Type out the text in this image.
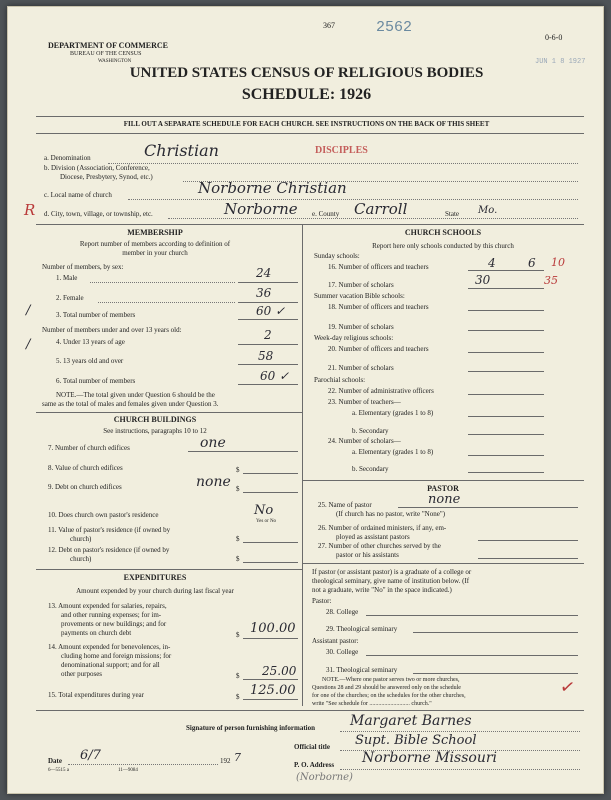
367	2562
0-6-0
JUN 1 8 1927
DEPARTMENT OF COMMERCE
BUREAU OF THE CENSUS
WASHINGTON
UNITED STATES CENSUS OF RELIGIOUS BODIES
SCHEDULE: 1926
FILL OUT A SEPARATE SCHEDULE FOR EACH CHURCH. SEE INSTRUCTIONS ON THE BACK OF THIS SHEET
a. Denomination	Christian	DISCIPLES
b. Division (Association, Conference,
Diocese, Presbytery, Synod, etc.)
c. Local name of church	Norborne Christian
R d. City, town, village, or township, etc.	Norborne e. County Carroll	State Mo.
MEMBERSHIP
Report number of members according to definition of
member in your church
Number of members, by sex:
1. Male	24
2. Female	36
3. Total number of members	60 ✓
Number of members under and over 13 years old:
4. Under 13 years of age	2
5. 13 years old and over	58
6. Total number of members	60 ✓
NOTE.—The total given under Question 6 should be the
same as the total of males and females given under Question 3.
CHURCH BUILDINGS
See instructions, paragraphs 10 to 12
7. Number of church edifices	one
8. Value of church edifices	$
9. Debt on church edifices	none $
10. Does church own pastor's residence	No
Yes or No
11. Value of pastor's residence (if owned by
church)	$
12. Debt on pastor's residence (if owned by
church)	$
EXPENDITURES
Amount expended by your church during last fiscal year
13. Amount expended for salaries, repairs,
and other running expenses; for im-
provements or new buildings; and for
payments on church debt	$ 100.00
14. Amount expended for benevolences, in-
cluding home and foreign missions; for
denominational support; and for all
other purposes	$ 25.00
15. Total expenditures during year	$ 125.00
CHURCH SCHOOLS
Report here only schools conducted by this church
Sunday schools:
16. Number of officers and teachers	4	6 10
17. Number of scholars	30	35
Summer vacation Bible schools:
18. Number of officers and teachers
19. Number of scholars
Week-day religious schools:
20. Number of officers and teachers
21. Number of scholars
Parochial schools:
22. Number of administrative officers
23. Number of teachers—
a. Elementary (grades 1 to 8)
b. Secondary
24. Number of scholars—
a. Elementary (grades 1 to 8)
b. Secondary
PASTOR
25. Name of pastor	none
(If church has no pastor, write "None")
26. Number of ordained ministers, if any, em-
ployed as assistant pastors
27. Number of other churches served by the
pastor or his assistants
If pastor (or assistant pastor) is a graduate of a college or
theological seminary, give name of institution below. (If
not a graduate, write "No" in the space indicated.)
Pastor:
28. College
29. Theological seminary
Assistant pastor:
30. College
31. Theological seminary
NOTE.—Where one pastor serves two or more churches,
Questions 28 and 29 should be answered only on the schedule
for one of the churches; on the schedules for the other churches,
write "See schedule for ........................... church."
✓
Signature of person furnishing information	Margaret Barnes
Official title Supt. Bible School
Date 6/7	192 7
P. O. Address Norborne Missouri
6—5515 a	11—9084
(Norborne)
/
/
